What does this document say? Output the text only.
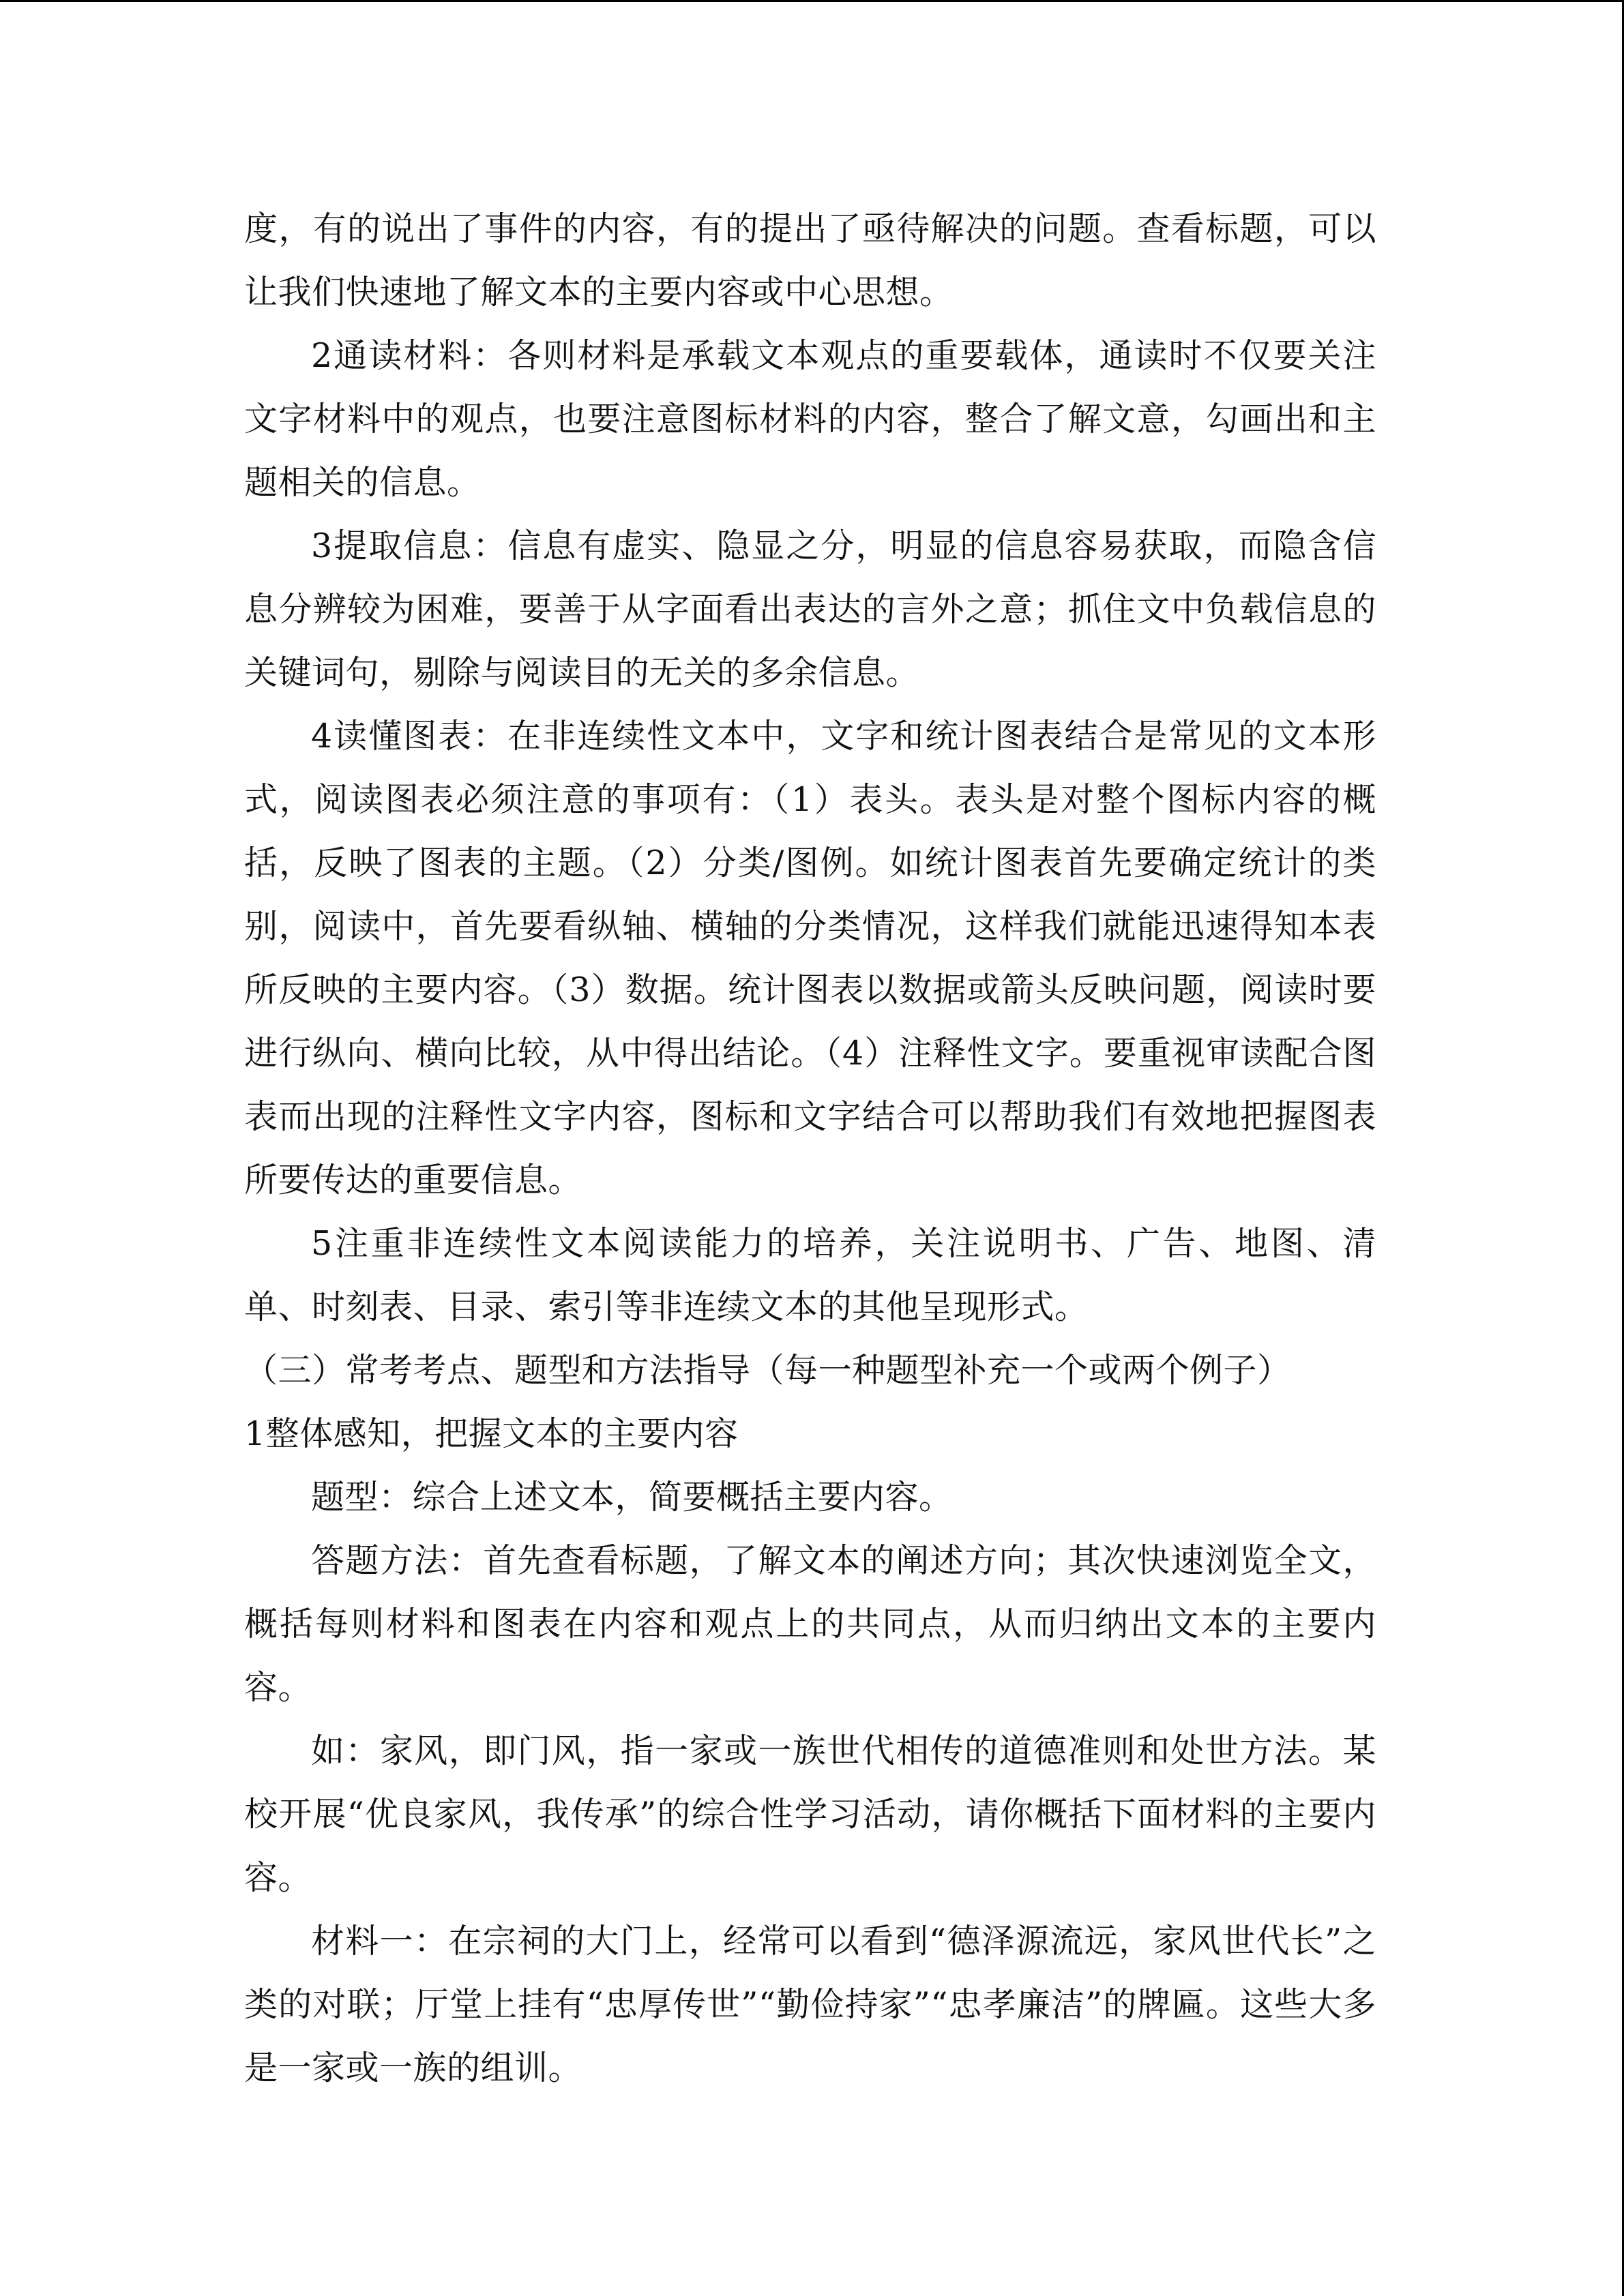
度，有的说出了事件的内容，有的提出了亟待解决的问题。查看标题，可以让我们快速地了解文本的主要内容或中心思想。

2通读材料：各则材料是承载文本观点的重要载体，通读时不仅要关注文字材料中的观点，也要注意图标材料的内容，整合了解文意，勾画出和主题相关的信息。

3提取信息：信息有虚实、隐显之分，明显的信息容易获取，而隐含信息分辨较为困难，要善于从字面看出表达的言外之意；抓住文中负载信息的关键词句，剔除与阅读目的无关的多余信息。

4读懂图表：在非连续性文本中，文字和统计图表结合是常见的文本形式，阅读图表必须注意的事项有：（1）表头。表头是对整个图标内容的概括，反映了图表的主题。（2）分类/图例。如统计图表首先要确定统计的类别，阅读中，首先要看纵轴、横轴的分类情况，这样我们就能迅速得知本表所反映的主要内容。（3）数据。统计图表以数据或箭头反映问题，阅读时要进行纵向、横向比较，从中得出结论。（4）注释性文字。要重视审读配合图表而出现的注释性文字内容，图标和文字结合可以帮助我们有效地把握图表所要传达的重要信息。

5注重非连续性文本阅读能力的培养，关注说明书、广告、地图、清单、时刻表、目录、索引等非连续文本的其他呈现形式。

（三）常考考点、题型和方法指导（每一种题型补充一个或两个例子）

1整体感知，把握文本的主要内容

题型：综合上述文本，简要概括主要内容。

答题方法：首先查看标题，了解文本的阐述方向；其次快速浏览全文，概括每则材料和图表在内容和观点上的共同点，从而归纳出文本的主要内容。

如：家风，即门风，指一家或一族世代相传的道德准则和处世方法。某校开展“优良家风，我传承”的综合性学习活动，请你概括下面材料的主要内容。

材料一：在宗祠的大门上，经常可以看到“德泽源流远，家风世代长”之类的对联；厅堂上挂有“忠厚传世”“勤俭持家”“忠孝廉洁”的牌匾。这些大多是一家或一族的组训。
